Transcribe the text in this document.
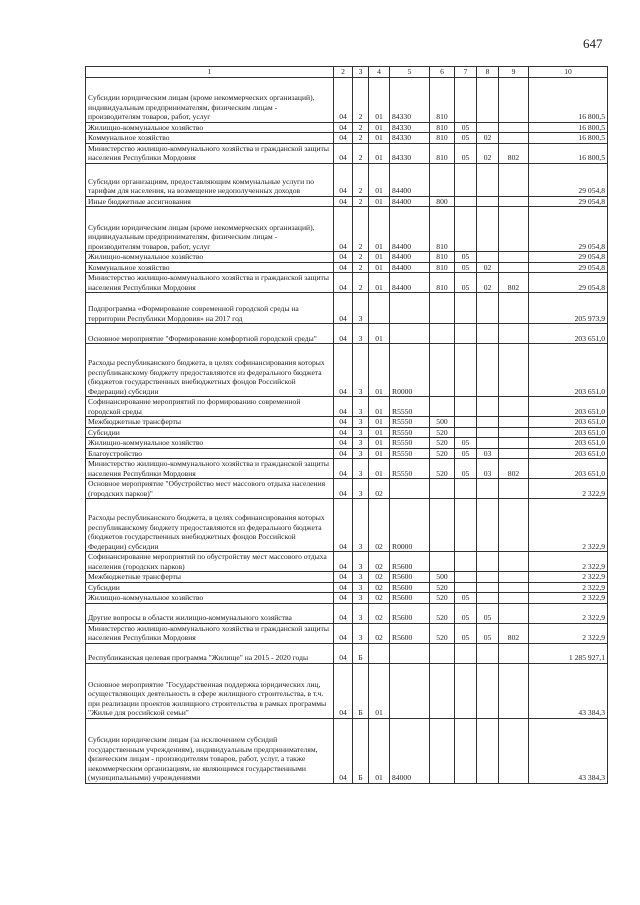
647
1	2	3	4	5	6	7	8	9	10
Субсидии юридическим лицам (кроме некоммерческих организаций), индивидуальным предпринимателям, физическим лицам - производителям товаров, работ, услуг	04	2	01	84330	810				16 800,5
Жилищно-коммунальное хозяйство	04	2	01	84330	810	05			16 800,5
Коммунальное хозяйство	04	2	01	84330	810	05	02		16 800,5
Министерство жилищно-коммунального хозяйства и гражданской защиты населения Республики Мордовия	04	2	01	84330	810	05	02	802	16 800,5
Субсидии организациям, предоставляющим коммунальные услуги по тарифам для населения, на возмещение недополученных доходов	04	2	01	84400					29 054,8
Иные бюджетные ассигнования	04	2	01	84400	800				29 054,8
Субсидии юридическим лицам (кроме некоммерческих организаций), индивидуальным предпринимателям, физическим лицам - производителям товаров, работ, услуг	04	2	01	84400	810				29 054,8
Жилищно-коммунальное хозяйство	04	2	01	84400	810	05			29 054,8
Коммунальное хозяйство	04	2	01	84400	810	05	02		29 054,8
Министерство жилищно-коммунального хозяйства и гражданской защиты населения Республики Мордовия	04	2	01	84400	810	05	02	802	29 054,8
Подпрограмма «Формирование современной городской среды на территории Республики Мордовия» на 2017 год	04	3							205 973,9
Основное мероприятие "Формирование комфортной городской среды"	04	3	01						203 651,0
Расходы республиканского бюджета, в целях софинансирования которых республиканскому бюджету предоставляются из федерального бюджета (бюджетов государственных внебюджетных фондов Российской Федерации) субсидии	04	3	01	R0000					203 651,0
Софинансирование мероприятий по формированию современной городской среды	04	3	01	R5550					203 651,0
Межбюджетные трансферты	04	3	01	R5550	500				203 651,0
Субсидии	04	3	01	R5550	520				203 651,0
Жилищно-коммунальное хозяйство	04	3	01	R5550	520	05			203 651,0
Благоустройство	04	3	01	R5550	520	05	03		203 651,0
Министерство жилищно-коммунального хозяйства и гражданской защиты населения Республики Мордовия	04	3	01	R5550	520	05	03	802	203 651,0
Основное мероприятие "Обустройство мест массового отдыха населения (городских парков)"	04	3	02						2 322,9
Расходы республиканского бюджета, в целях софинансирования которых республиканскому бюджету предоставляются из федерального бюджета (бюджетов государственных внебюджетных фондов Российской Федерации) субсидии	04	3	02	R0000					2 322,9
Софинансирование мероприятий по обустройству мест массового отдыха населения (городских парков)	04	3	02	R5600					2 322,9
Межбюджетные трансферты	04	3	02	R5600	500				2 322,9
Субсидии	04	3	02	R5600	520				2 322,9
Жилищно-коммунальное хозяйство	04	3	02	R5600	520	05			2 322,9
Другие вопросы в области жилищно-коммунального хозяйства	04	3	02	R5600	520	05	05		2 322,9
Министерство жилищно-коммунального хозяйства и гражданской защиты населения Республики Мордовия	04	3	02	R5600	520	05	05	802	2 322,9
Республиканская целевая программа "Жилище" на 2015 - 2020 годы	04	Б							1 285 927,1
Основное мероприятие "Государственная поддержка юридических лиц, осуществляющих деятельность в сфере жилищного строительства, в т.ч. при реализации проектов жилищного строительства в рамках программы "Жилье для российской семьи"	04	Б	01						43 384,3
Субсидии юридическим лицам (за исключением субсидий государственным учреждениям), индивидуальным предпринимателям, физическим лицам - производителям товаров, работ, услуг, а также некоммерческим организациям, не являющимся государственными (муниципальными) учреждениями	04	Б	01	84000					43 384,3
